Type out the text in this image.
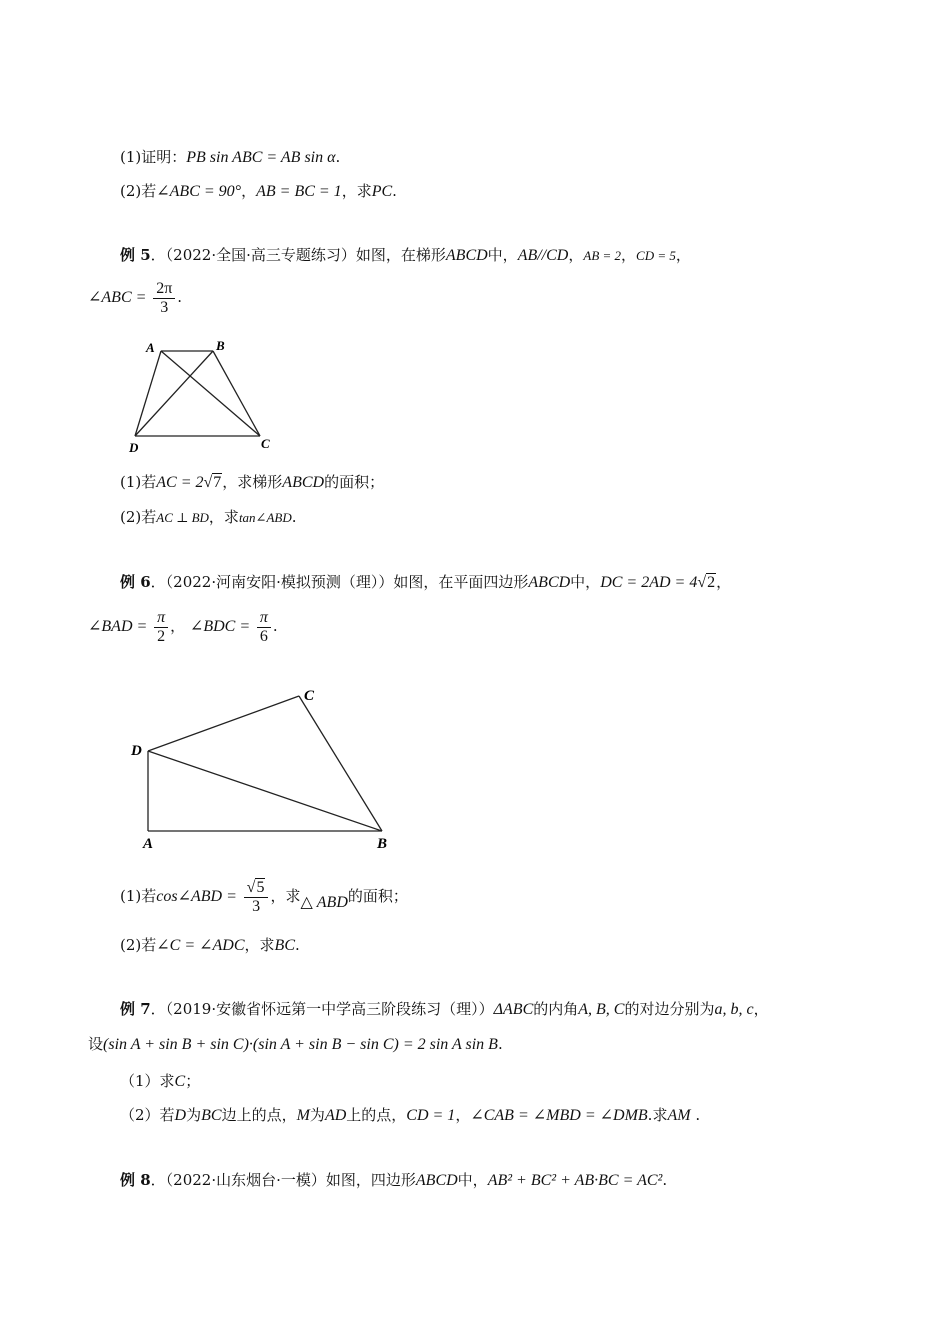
(1)证明：PB sin ABC = AB sin α.
(2)若∠ABC = 90°，AB = BC = 1，求PC.
例 5．（2022·全国·高三专题练习）如图，在梯形ABCD中，AB//CD，AB = 2，CD = 5，
∠ABC = $\frac{2\pi}{3}$ .
A	B
C
D
(1)若AC = 2√7，求梯形ABCD的面积；
(2)若AC ⊥ BD，求tan∠ABD.
例 6．（2022·河南安阳·模拟预测（理））如图，在平面四边形ABCD中，DC = 2AD = 4√2，
∠BAD = $\frac{\pi}{2}$ ， ∠BDC = $\frac{\pi}{6}$ .
D
C
A	B
(1)若cos∠ABD = $\frac{√5}{3}$ ，求△ ABD的面积；
(2)若∠C = ∠ADC，求BC.
例 7．（2019·安徽省怀远第一中学高三阶段练习（理））ΔABC的内角A, B, C的对边分别为a, b, c，
设(sin A + sin B + sin C)·(sin A + sin B − sin C) = 2 sin A sin B.
（1）求C；
（2）若D为BC边上的点，M为AD上的点，CD = 1，∠CAB = ∠MBD = ∠DMB.求AM .
例 8．（2022·山东烟台·一模）如图，四边形ABCD中，AB² + BC² + AB·BC = AC².
